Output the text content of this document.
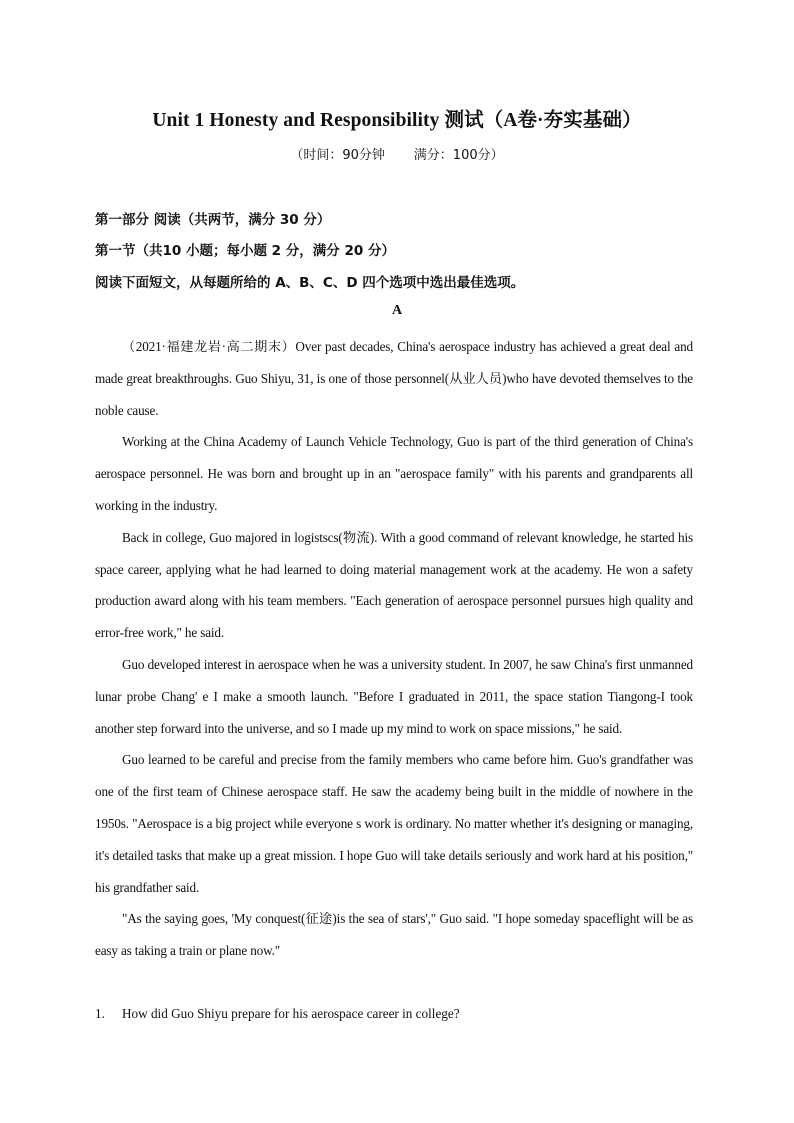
Unit 1 Honesty and Responsibility 测试（A卷·夯实基础）
（时间：90分钟       满分：100分）
第一部分 阅读（共两节，满分 30 分）
第一节（共10 小题；每小题 2 分，满分 20 分）
阅读下面短文，从每题所给的 A、B、C、D 四个选项中选出最佳选项。
A

（2021·福建龙岩·高二期末）Over past decades, China's aerospace industry has achieved a great deal and made great breakthroughs. Guo Shiyu, 31, is one of those personnel(从业人员)who have devoted themselves to the noble cause.

Working at the China Academy of Launch Vehicle Technology, Guo is part of the third generation of China's aerospace personnel. He was born and brought up in an "aerospace family" with his parents and grandparents all working in the industry.

Back in college, Guo majored in logistscs(物流). With a good command of relevant knowledge, he started his space career, applying what he had learned to doing material management work at the academy. He won a safety production award along with his team members. "Each generation of aerospace personnel pursues high quality and error-free work," he said.

Guo developed interest in aerospace when he was a university student. In 2007, he saw China's first unmanned lunar probe Chang' e I make a smooth launch. "Before I graduated in 2011, the space station Tiangong-I took another step forward into the universe, and so I made up my mind to work on space missions," he said.

Guo learned to be careful and precise from the family members who came before him. Guo's grandfather was one of the first team of Chinese aerospace staff. He saw the academy being built in the middle of nowhere in the 1950s. "Aerospace is a big project while everyone s work is ordinary. No matter whether it's designing or managing, it's detailed tasks that make up a great mission. I hope Guo will take details seriously and work hard at his position," his grandfather said.

"As the saying goes, 'My conquest(征途)is the sea of stars'," Guo said. "I hope someday spaceflight will be as easy as taking a train or plane now."

1. How did Guo Shiyu prepare for his aerospace career in college?
